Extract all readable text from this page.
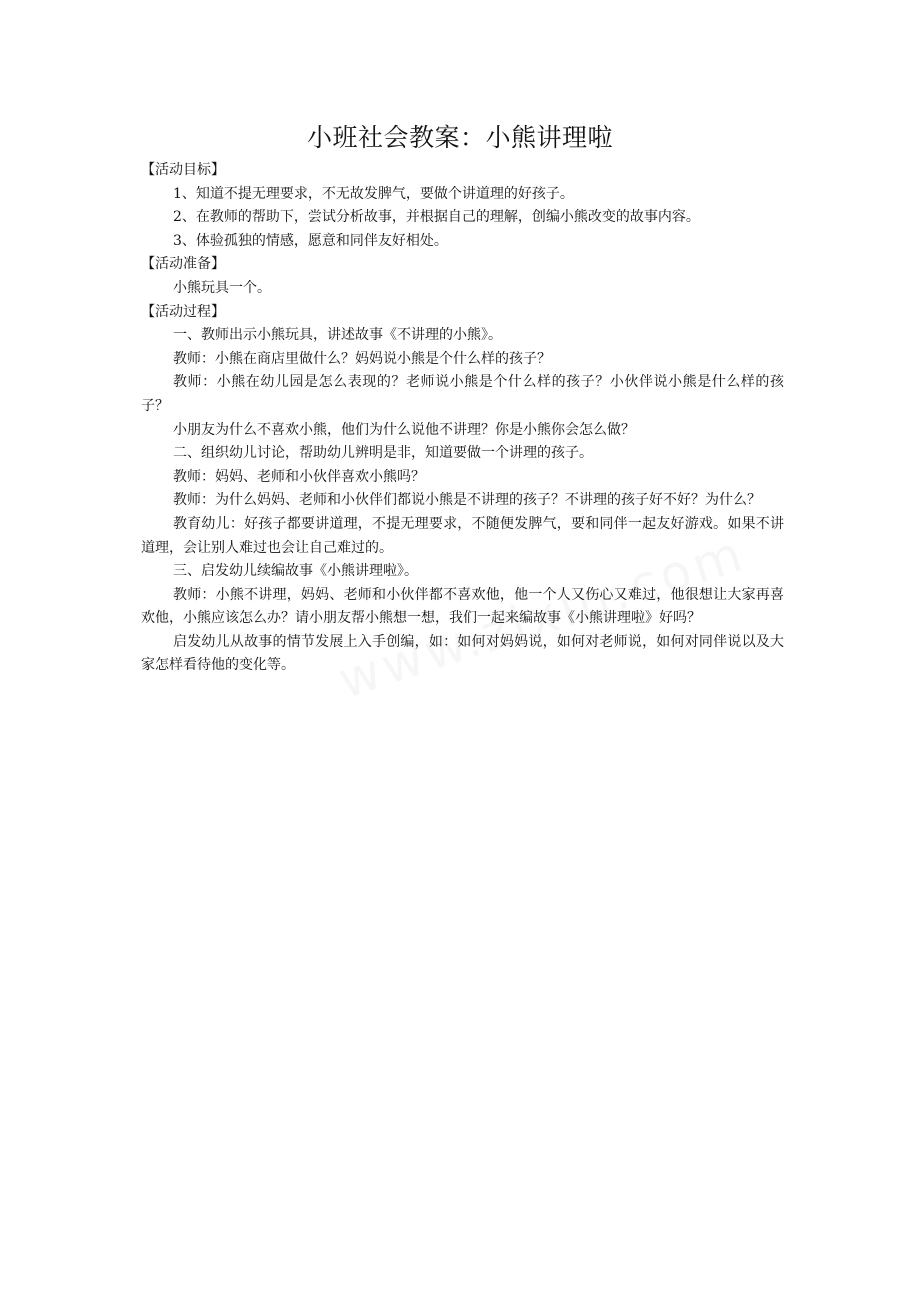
小班社会教案：小熊讲理啦
【活动目标】

1、知道不提无理要求，不无故发脾气，要做个讲道理的好孩子。

2、在教师的帮助下，尝试分析故事，并根据自己的理解，创编小熊改变的故事内容。

3、体验孤独的情感，愿意和同伴友好相处。

【活动准备】

小熊玩具一个。

【活动过程】

一、教师出示小熊玩具，讲述故事《不讲理的小熊》。

教师：小熊在商店里做什么？妈妈说小熊是个什么样的孩子？

教师：小熊在幼儿园是怎么表现的？老师说小熊是个什么样的孩子？小伙伴说小熊是什么样的孩子？

小朋友为什么不喜欢小熊，他们为什么说他不讲理？你是小熊你会怎么做？

二、组织幼儿讨论，帮助幼儿辨明是非，知道要做一个讲理的孩子。

教师：妈妈、老师和小伙伴喜欢小熊吗？

教师：为什么妈妈、老师和小伙伴们都说小熊是不讲理的孩子？不讲理的孩子好不好？为什么？

教育幼儿：好孩子都要讲道理，不提无理要求，不随便发脾气，要和同伴一起友好游戏。如果不讲道理，会让别人难过也会让自己难过的。

三、启发幼儿续编故事《小熊讲理啦》。

教师：小熊不讲理，妈妈、老师和小伙伴都不喜欢他，他一个人又伤心又难过，他很想让大家再喜欢他，小熊应该怎么办？请小朋友帮小熊想一想，我们一起来编故事《小熊讲理啦》好吗？

启发幼儿从故事的情节发展上入手创编，如：如何对妈妈说，如何对老师说，如何对同伴说以及大家怎样看待他的变化等。
